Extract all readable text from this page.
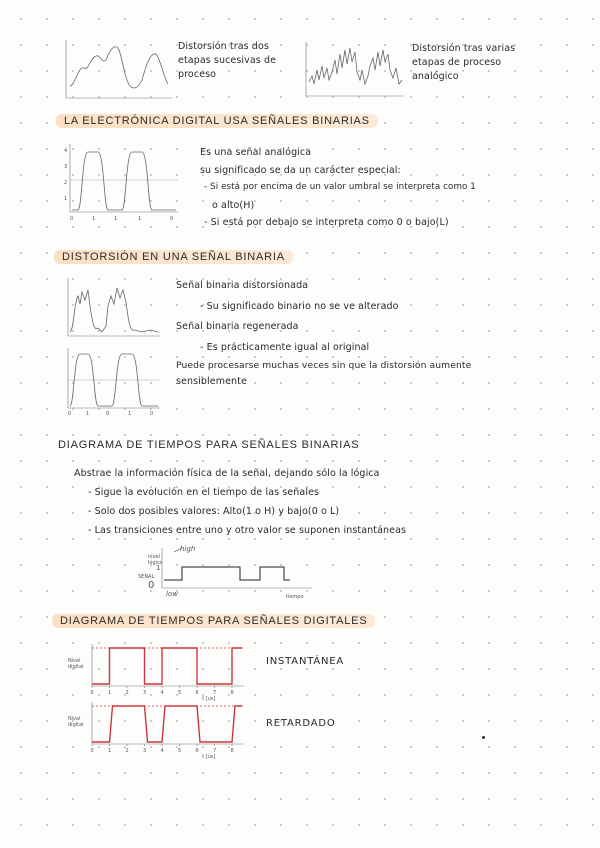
Distorsión tras dos
etapas sucesivas de
proceso
Distorsión tras varias
etapas de proceso
analógico
LA ELECTRÓNICA DIGITAL USA SEÑALES BINARIAS
4
3
2
1
0	1	1	1	0
Es una señal analógica
su significado se da un carácter especial:
- Si está por encima de un valor umbral se interpreta como 1
o alto(H)
- Si está por debajo se interpreta como 0 o bajo(L)
DISTORSIÓN EN UNA SEÑAL BINARIA
0	1	0	1	0
Señal binaria distorsionada
- Su significado binario no se ve alterado
Señal binaria regenerada
- Es prácticamente igual al original
Puede procesarse muchas veces sin que la distorsión aumente
sensiblemente
DIAGRAMA DE TIEMPOS PARA SEÑALES BINARIAS
Abstrae la información física de la señal, dejando sólo la lógica
- Sigue la evolución en el tiempo de las señales
- Solo dos posibles valores: Alto(1 o H) y bajo(0 o L)
- Las transiciones entre uno y otro valor se suponen instantáneas
high
nivel
lógico
1
SEÑAL
0
low	tiempo
DIAGRAMA DE TIEMPOS PARA SEÑALES DIGITALES
Nivel
digital
0	1	2	3	4	5	6	7	8
t [us]
INSTANTÁNEA
Nivel
digital
0	1	2	3	4	5	6	7	8
t [us]
RETARDADO
